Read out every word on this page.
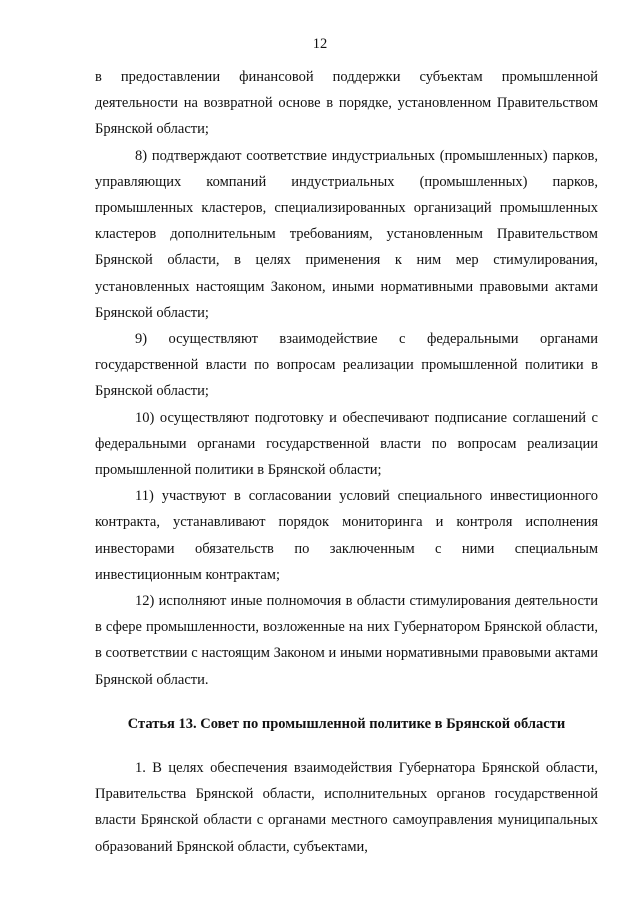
12

в предоставлении финансовой поддержки субъектам промышленной деятельности на возвратной основе в порядке, установленном Правительством Брянской области;

8) подтверждают соответствие индустриальных (промышленных) парков, управляющих компаний индустриальных (промышленных) парков, промышленных кластеров, специализированных организаций промышленных кластеров дополнительным требованиям, установленным Правительством Брянской области, в целях применения к ним мер стимулирования, установленных настоящим Законом, иными нормативными правовыми актами Брянской области;

9) осуществляют взаимодействие с федеральными органами государственной власти по вопросам реализации промышленной политики в Брянской области;

10) осуществляют подготовку и обеспечивают подписание соглашений с федеральными органами государственной власти по вопросам реализации промышленной политики в Брянской области;

11) участвуют в согласовании условий специального инвестиционного контракта, устанавливают порядок мониторинга и контроля исполнения инвесторами обязательств по заключенным с ними специальным инвестиционным контрактам;

12) исполняют иные полномочия в области стимулирования деятельности в сфере промышленности, возложенные на них Губернатором Брянской области, в соответствии с настоящим Законом и иными нормативными правовыми актами Брянской области.

Статья 13. Совет по промышленной политике в Брянской области

1. В целях обеспечения взаимодействия Губернатора Брянской области, Правительства Брянской области, исполнительных органов государственной власти Брянской области с органами местного самоуправления муниципальных образований Брянской области, субъектами,
